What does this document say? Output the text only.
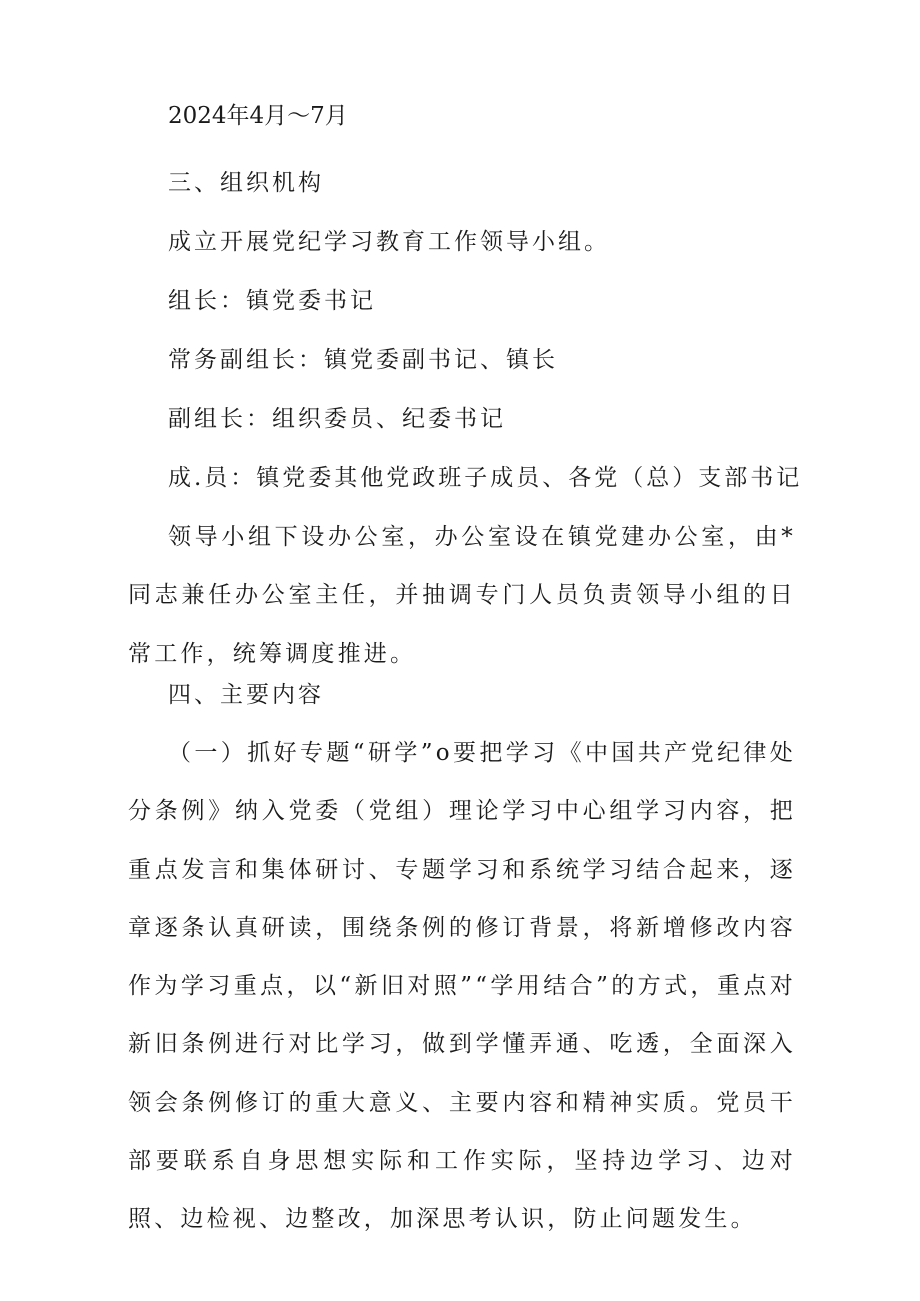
2024年4月～7月
三、组织机构
成立开展党纪学习教育工作领导小组。
组长：镇党委书记
常务副组长：镇党委副书记、镇长
副组长：组织委员、纪委书记
成.员：镇党委其他党政班子成员、各党（总）支部书记
领导小组下设办公室，办公室设在镇党建办公室，由*同志兼任办公室主任，并抽调专门人员负责领导小组的日常工作，统筹调度推进。
四、主要内容
（一）抓好专题“研学”o要把学习《中国共产党纪律处分条例》纳入党委（党组）理论学习中心组学习内容，把重点发言和集体研讨、专题学习和系统学习结合起来，逐章逐条认真研读，围绕条例的修订背景，将新增修改内容作为学习重点，以“新旧对照”“学用结合”的方式，重点对新旧条例进行对比学习，做到学懂弄通、吃透，全面深入领会条例修订的重大意义、主要内容和精神实质。党员干部要联系自身思想实际和工作实际，坚持边学习、边对照、边检视、边整改，加深思考认识，防止问题发生。
